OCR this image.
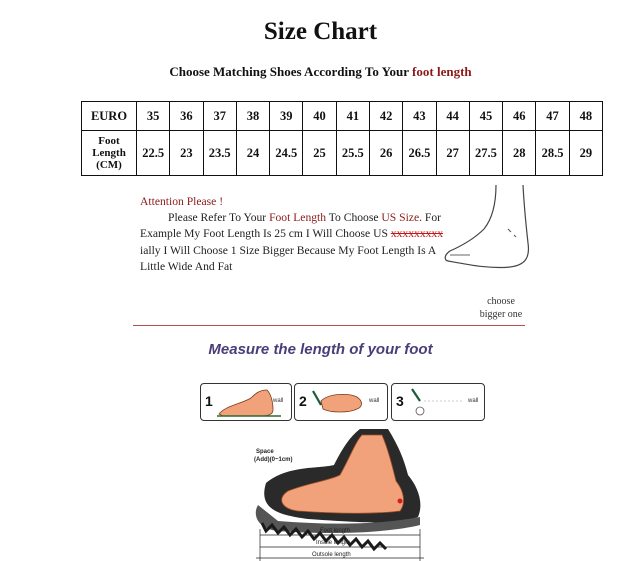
Size Chart
Choose Matching Shoes According To Your foot length
EURO	35	36	37	38	39	40	41	42	43	44	45	46	47	48
Foot
Length
(CM)	22.5	23	23.5	24	24.5	25	25.5	26	26.5	27	27.5	28	28.5	29

Attention Please !

Please Refer To Your Foot Length To Choose US Size. For Example My Foot Length Is 25 cm I Will Choose US xxxxxxxxx ially I Will Choose 1 Size Bigger Because My Foot Length Is A Little Wide And Fat

choose
bigger one
Measure the length of your foot
1	wall 2	wall 3	wall
Space
(Add)(0~1cm)
Foot length
Insole length
Outsole length
